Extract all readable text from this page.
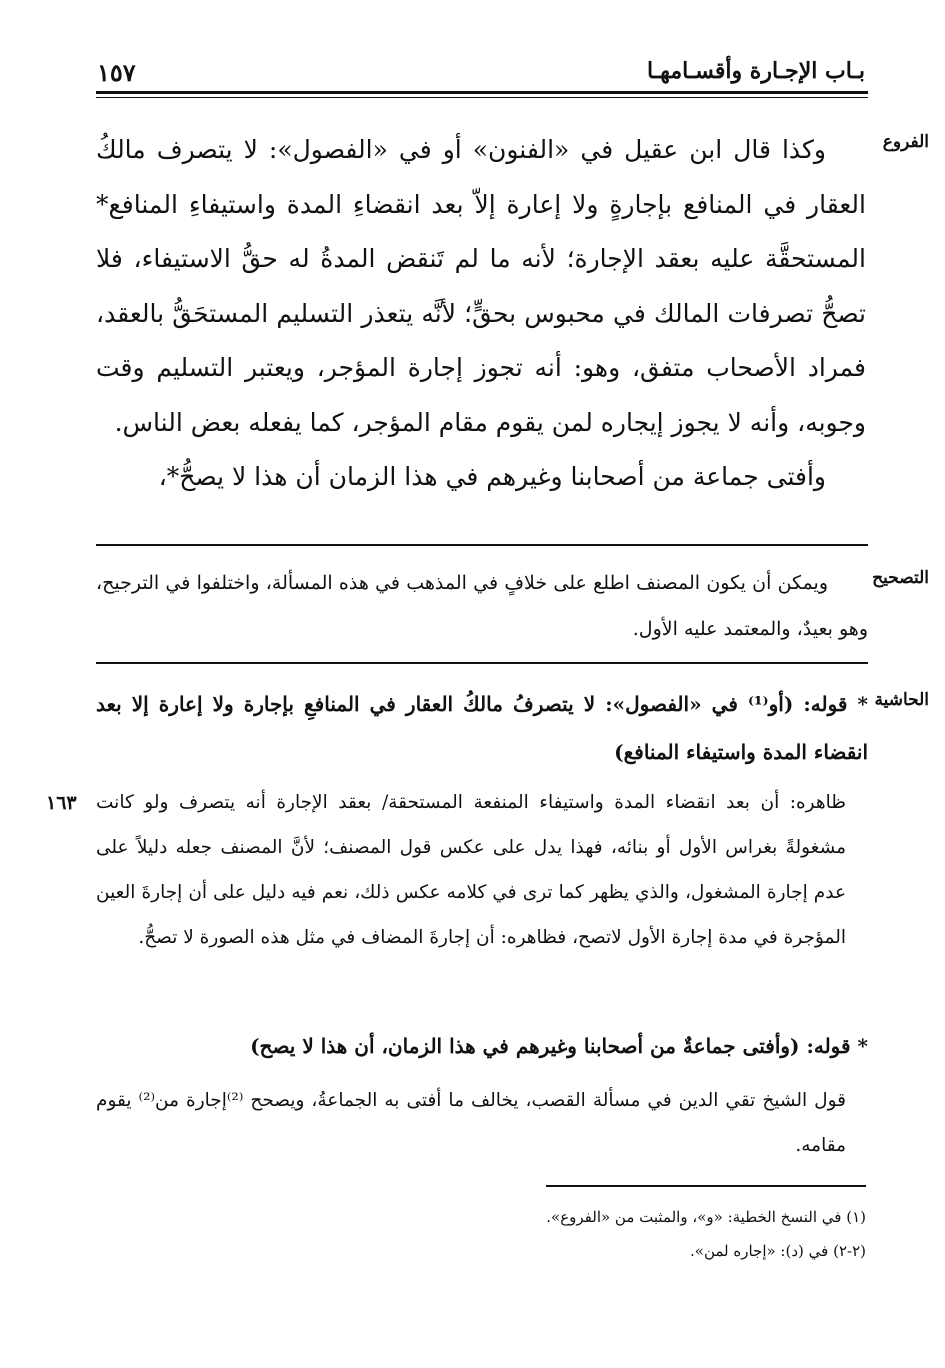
بـاب الإجـارة وأقسـامهـا
١٥٧
الفروع
التصحيح
الحاشية
١٦٣

وكذا قال ابن عقيل في «الفنون» أو في «الفصول»: لا يتصرف مالكُ العقار في المنافع بإجارةٍ ولا إعارة إلاّ بعد انقضاءِ المدة واستيفاءِ المنافع* المستحقَّة عليه بعقد الإجارة؛ لأنه ما لم تَنقض المدةُ له حقُّ الاستيفاء، فلا تصحُّ تصرفات المالك في محبوس بحقٍّ؛ لأنَّه يتعذر التسليم المستحَقُّ بالعقد، فمراد الأصحاب متفق، وهو: أنه تجوز إجارة المؤجر، ويعتبر التسليم وقت وجوبه، وأنه لا يجوز إيجاره لمن يقوم مقام المؤجر، كما يفعله بعض الناس.

وأفتى جماعة من أصحابنا وغيرهم في هذا الزمان أن هذا لا يصحُّ*،

ويمكن أن يكون المصنف اطلع على خلافٍ في المذهب في هذه المسألة، واختلفوا في الترجيح، وهو بعيدٌ، والمعتمد عليه الأول.

* قوله: (أو⁽¹⁾ في «الفصول»: لا يتصرفُ مالكُ العقار في المنافعِ بإجارة ولا إعارة إلا بعد انقضاء المدة واستيفاء المنافع)

ظاهره: أن بعد انقضاء المدة واستيفاء المنفعة المستحقة/ بعقد الإجارة أنه يتصرف ولو كانت مشغولةً بغراس الأول أو بنائه، فهذا يدل على عكس قول المصنف؛ لأنَّ المصنف جعله دليلاً على عدم إجارة المشغول، والذي يظهر كما ترى في كلامه عكس ذلك، نعم فيه دليل على أن إجارةَ العين المؤجرة في مدة إجارة الأول لاتصح، فظاهره: أن إجارةَ المضاف في مثل هذه الصورة لا تصحُّ.

* قوله: (وأفتى جماعةٌ من أصحابنا وغيرهم في هذا الزمان، أن هذا لا يصح)

قول الشيخ تقي الدين في مسألة القصب، يخالف ما أفتى به الجماعةُ، ويصحح ⁽²⁾إجارة من⁽²⁾ يقوم مقامه.

(١) في النسخ الخطية: «و»، والمثبت من «الفروع».

(٢-٢) في (د): «إجاره لمن».
